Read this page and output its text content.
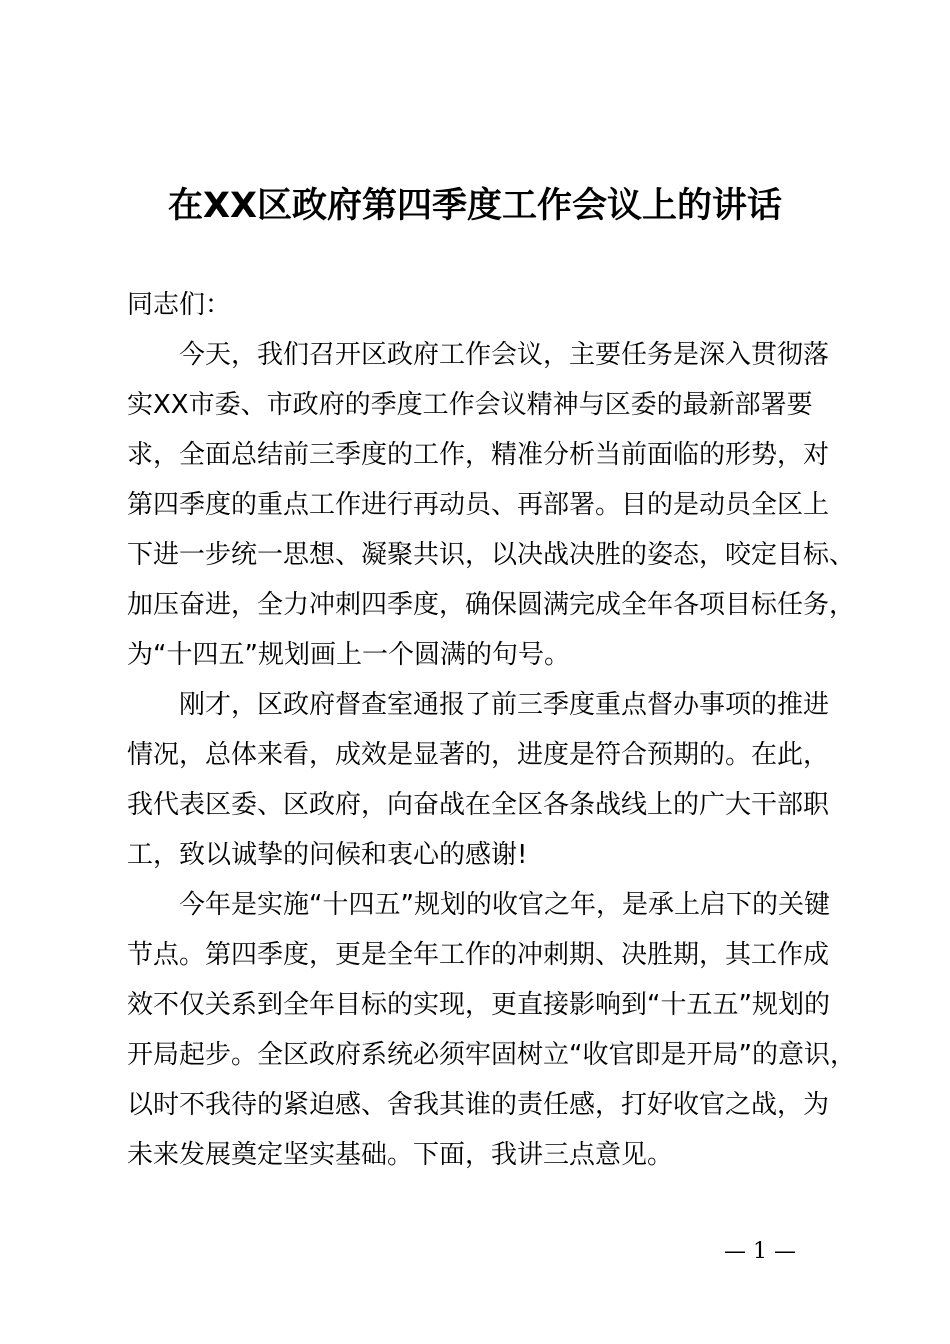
在XX区政府第四季度工作会议上的讲话

同志们：

今天，我们召开区政府工作会议，主要任务是深入贯彻落
实XX市委、市政府的季度工作会议精神与区委的最新部署要
求，全面总结前三季度的工作，精准分析当前面临的形势，对
第四季度的重点工作进行再动员、再部署。目的是动员全区上
下进一步统一思想、凝聚共识，以决战决胜的姿态，咬定目标、
加压奋进，全力冲刺四季度，确保圆满完成全年各项目标任务，
为“十四五”规划画上一个圆满的句号。
刚才，区政府督查室通报了前三季度重点督办事项的推进
情况，总体来看，成效是显著的，进度是符合预期的。在此，
我代表区委、区政府，向奋战在全区各条战线上的广大干部职
工，致以诚挚的问候和衷心的感谢!
今年是实施“十四五”规划的收官之年，是承上启下的关键
节点。第四季度，更是全年工作的冲刺期、决胜期，其工作成
效不仅关系到全年目标的实现，更直接影响到“十五五”规划的
开局起步。全区政府系统必须牢固树立“收官即是开局”的意识，
以时不我待的紧迫感、舍我其谁的责任感，打好收官之战，为
未来发展奠定坚实基础。下面，我讲三点意见。
— 1 —
